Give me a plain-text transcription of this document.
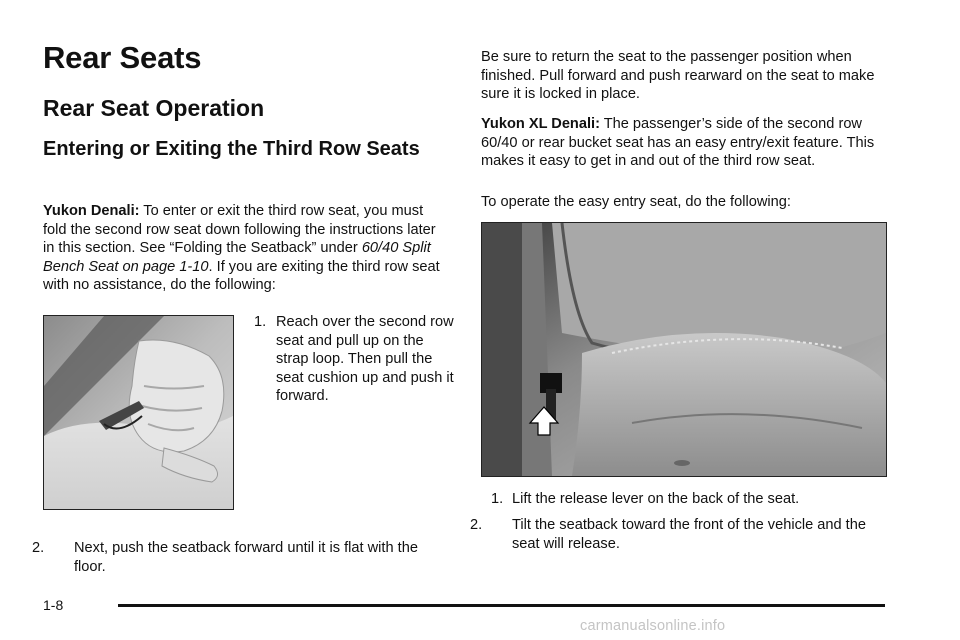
Rear Seats
Rear Seat Operation
Entering or Exiting the Third Row Seats

Yukon Denali: To enter or exit the third row seat, you must fold the second row seat down following the instructions later in this section. See “Folding the Seatback” under 60/40 Split Bench Seat on page 1-10. If you are exiting the third row seat with no assistance, do the following:

1. Reach over the second row seat and pull up on the strap loop. Then pull the seat cushion up and push it forward.
2. Next, push the seatback forward until it is flat with the floor.

Be sure to return the seat to the passenger position when finished. Pull forward and push rearward on the seat to make sure it is locked in place.

Yukon XL Denali: The passenger’s side of the second row 60/40 or rear bucket seat has an easy entry/exit feature. This makes it easy to get in and out of the third row seat.

To operate the easy entry seat, do the following:

1. Lift the release lever on the back of the seat.
2. Tilt the seatback toward the front of the vehicle and the seat will release.
1-8
carmanualsonline.info
